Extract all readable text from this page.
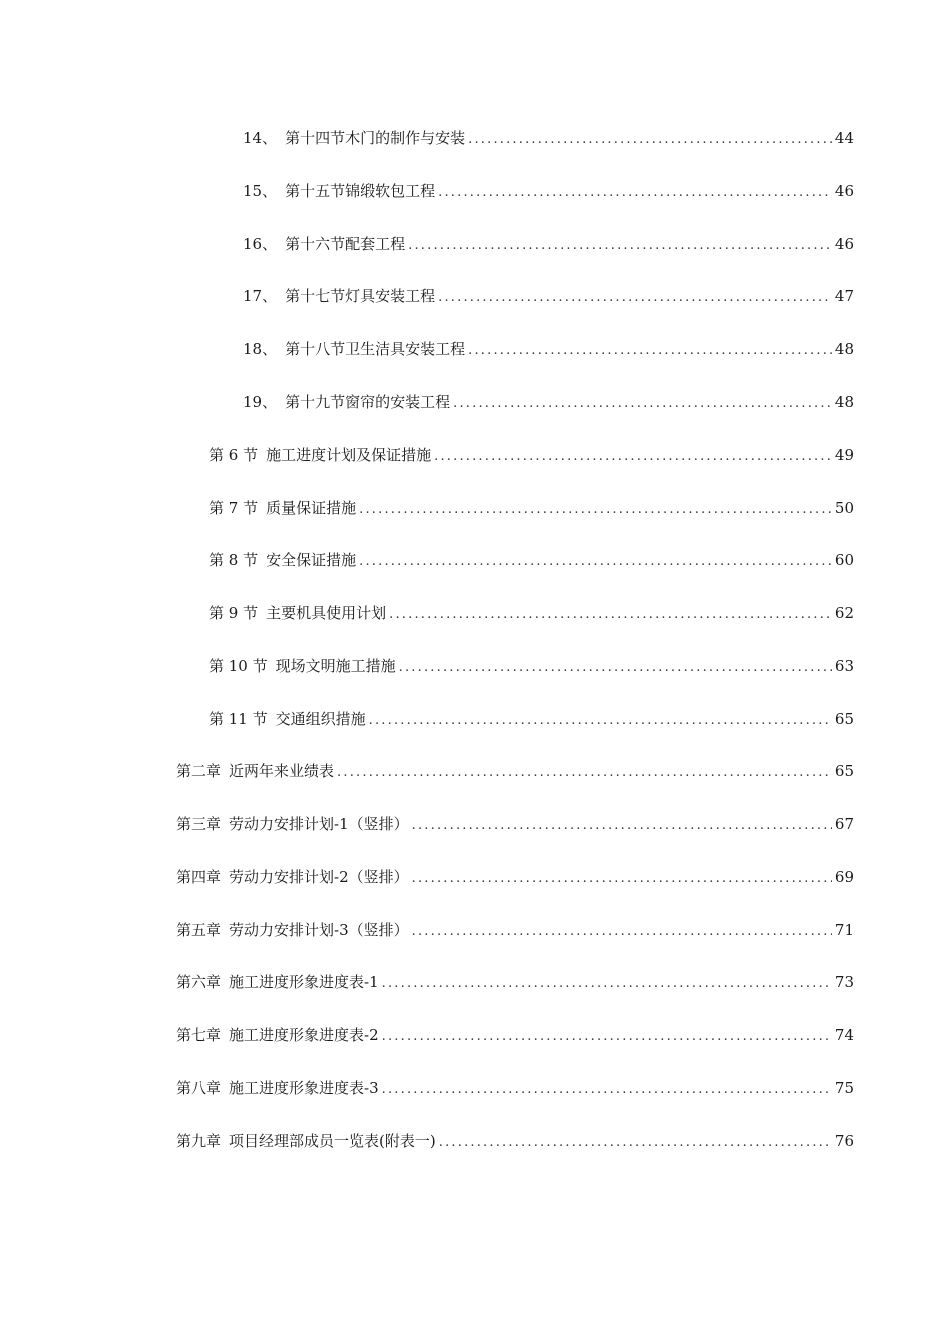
14、 第十四节木门的制作与安装 .....	44
15、 第十五节锦缎软包工程 .....	46
16、 第十六节配套工程 .....	46
17、 第十七节灯具安装工程 .....	47
18、 第十八节卫生洁具安装工程 .....	48
19、 第十九节窗帘的安装工程 .....	48
第 6 节 施工进度计划及保证措施 .....	49
第 7 节 质量保证措施 .....	50
第 8 节 安全保证措施 .....	60
第 9 节 主要机具使用计划 .....	62
第 10 节 现场文明施工措施 .....	63
第 11 节 交通组织措施 .....	65
第二章 近两年来业绩表 .....	65
第三章 劳动力安排计划-1（竖排） .....	67
第四章 劳动力安排计划-2（竖排） .....	69
第五章 劳动力安排计划-3（竖排） .....	71
第六章 施工进度形象进度表-1 .....	73
第七章 施工进度形象进度表-2 .....	74
第八章 施工进度形象进度表-3 .....	75
第九章 项目经理部成员一览表(附表一) .....	76
